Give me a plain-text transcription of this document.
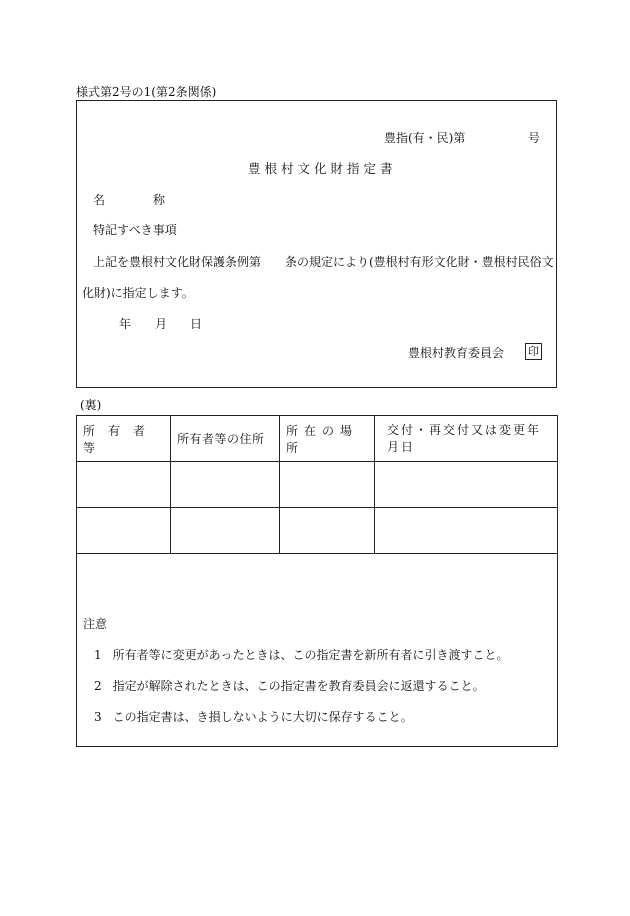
様式第2号の1(第2条関係)
豊指(有・民)第	号
豊根村文化財指定書
名　　　　称
特記すべき事項
上記を豊根村文化財保護条例第 条の規定により(豊根村有形文化財・豊根村民俗文
化財)に指定します。
年 月 日
豊根村教育委員会 印
(裏)
所　有　者　等	所有者等の住所	所在の場所	交付・再交付又は変更年月日

注意
1 所有者等に変更があったときは、この指定書を新所有者に引き渡すこと。
2 指定が解除されたときは、この指定書を教育委員会に返還すること。
3 この指定書は、き損しないように大切に保存すること。			
